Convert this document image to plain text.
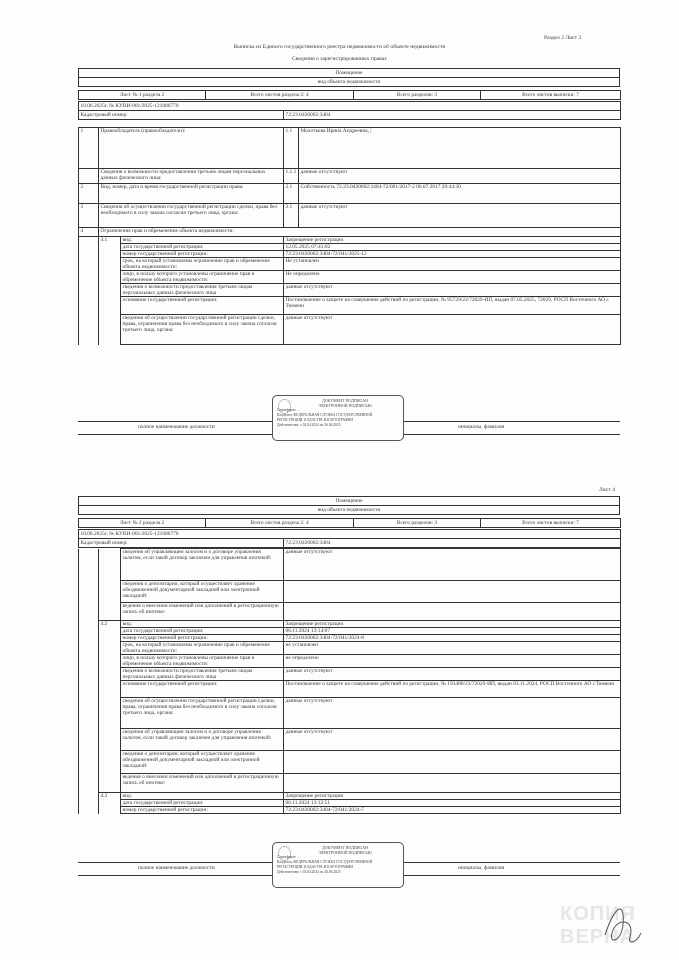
Раздел 2 Лист 3
Выписка из Единого государственного реестра недвижимости об объекте недвижимости
Сведения о зарегистрированных правах
Помещение
вид объекта недвижимости
Лист № 1 раздела 2	Всего листов раздела 2: 4	Всего разделов: 3	Всего листов выписки: 7
10.06.2025г. № КУВИ-001/2025-121086770
Кадастровый номер:	72:23:0430002:3404
1	Правообладатель (правообладатели):		1.1	Молоткова Ирина Андреевна, |
	Сведения о возможности предоставления третьим лицам персональных данных физического лица:		1.1.1	данные отсутствуют
2	Вид, номер, дата и время государственной регистрации права:		2.1	Собственность 72:23:0430002:3404-72/001/2017-2 06.07.2017 20:44:30
3	Сведения об осуществлении государственной регистрации сделки, права без необходимого в силу закона согласия третьего лица, органа:		3.1	данные отсутствуют
4	Ограничение прав и обременение объекта недвижимости:			
	4.1	вид:	Запрещение регистрации	
		дата государственной регистрации:	12.05.2025 07:41:02	
		номер государственной регистрации:	72:23:0430002:3404-72/041/2025-12	
		срок, на который установлены ограничение прав и обременение объекта недвижимости:	Не установлен	
		лицо, в пользу которого установлены ограничение прав и обременение объекта недвижимости:	Не определено	
		сведения о возможности предоставления третьим лицам персональных данных физического лица	данные отсутствуют	
		основание государственной регистрации:	Постановление о запрете на совершение действий по регистрации, № 95729/22/72029-ИП, выдан 07.05.2025, 72029, РОСП Восточного АО г. Тюмени	
		сведения об осуществлении государственной регистрации сделки, права, ограничения права без необходимого в силу закона согласия третьего лица, органа:	данные отсутствуют	
полное наименование должности	инициалы, фамилия
ДОКУМЕНТ ПОДПИСАН
ЭЛЕКТРОННОЙ ПОДПИСЬЮ
Сертификат: ...
Владелец: ФЕДЕРАЛЬНАЯ СЛУЖБА ГОСУДАРСТВЕННОЙ
РЕГИСТРАЦИИ, КАДАСТРА И КАРТОГРАФИИ
Действителен: с 02.04.2024 по 26.06.2025
Лист 4
Помещение
вид объекта недвижимости
Лист № 2 раздела 2	Всего листов раздела 2: 4	Всего разделов: 3	Всего листов выписки: 7
10.06.2025г. № КУВИ-001/2025-121086770
Кадастровый номер:	72:23:0430002:3404
		сведения об управляющем залогом и о договоре управления залогом, если такой договор заключен для управления ипотекой:	данные отсутствуют
		сведения о депозитарии, который осуществляет хранение обездвиженной документарной закладной или электронной закладной:	
		ведения о внесении изменений или дополнений в регистрационную запись об ипотеке:	
	4.2	вид:	Запрещение регистрации
		дата государственной регистрации:	06.11.2024 13:14:07
		номер государственной регистрации:	72:23:0430002:3404-72/041/2024-8
		срок, на который установлены ограничение прав и обременение объекта недвижимости:	не установлен
		лицо, в пользу которого установлены ограничение прав и обременение объекта недвижимости:	не определено
		сведения о возможности предоставления третьим лицам персональных данных физического лица	данные отсутствуют
		основание государственной регистрации:	Постановление о запрете на совершение действий по регистрации, № 193480/23/72029-ИП, выдан 03.11.2024, РОСП Восточного АО г.Тюмени
		сведения об осуществлении государственной регистрации сделки, права, ограничения права без необходимого в силу закона согласия третьего лица, органа:	данные отсутствуют
		сведения об управляющем залогом и о договоре управления залогом, если такой договор заключен для управления ипотекой:	данные отсутствуют
		сведения о депозитарии, который осуществляет хранение обездвиженной документарной закладной или электронной закладной:	
		ведения о внесении изменений или дополнений в регистрационную запись об ипотеке:	
	4.3	вид:	Запрещение регистрации
		дата государственной регистрации:	06.11.2024 13:12:51
		номер государственной регистрации:	72:23:0430002:3404-72/041/2024-7
полное наименование должности	инициалы, фамилия
ДОКУМЕНТ ПОДПИСАН
ЭЛЕКТРОННОЙ ПОДПИСЬЮ
Сертификат: ...
Владелец: ФЕДЕРАЛЬНАЯ СЛУЖБА ГОСУДАРСТВЕННОЙ
РЕГИСТРАЦИИ, КАДАСТРА И КАРТОГРАФИИ
Действителен: с 02.04.2024 по 26.06.2025
КОПИЯ ВЕРНА
